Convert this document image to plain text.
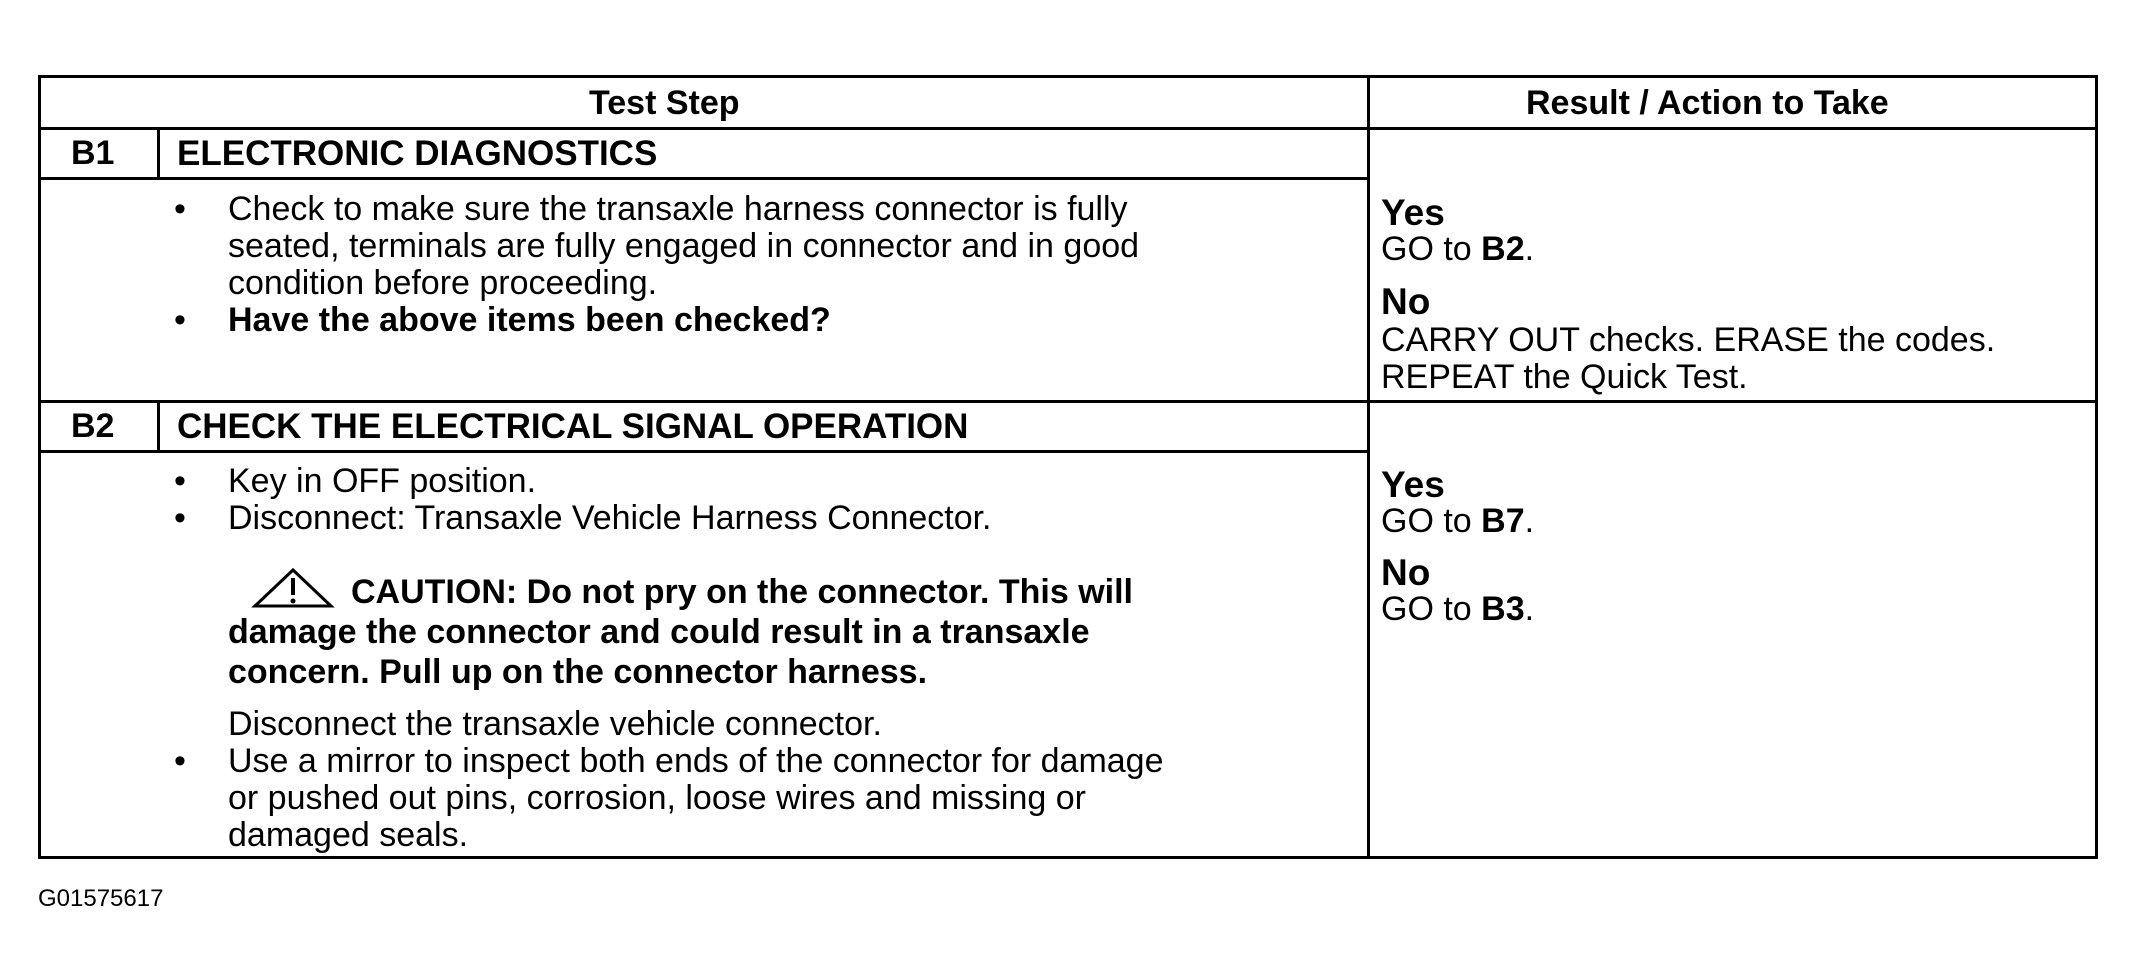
Test Step	Result / Action to Take
B1 ELECTRONIC DIAGNOSTICS
• Check to make sure the transaxle harness connector is fully
seated, terminals are fully engaged in connector and in good
condition before proceeding.
• Have the above items been checked?
Yes
GO to B2.
No
CARRY OUT checks. ERASE the codes.
REPEAT the Quick Test.
B2 CHECK THE ELECTRICAL SIGNAL OPERATION
• Key in OFF position.
• Disconnect: Transaxle Vehicle Harness Connector.
CAUTION: Do not pry on the connector. This will
damage the connector and could result in a transaxle
concern. Pull up on the connector harness.
Disconnect the transaxle vehicle connector.
• Use a mirror to inspect both ends of the connector for damage
or pushed out pins, corrosion, loose wires and missing or
damaged seals.
Yes
GO to B7.
No
GO to B3.
G01575617
